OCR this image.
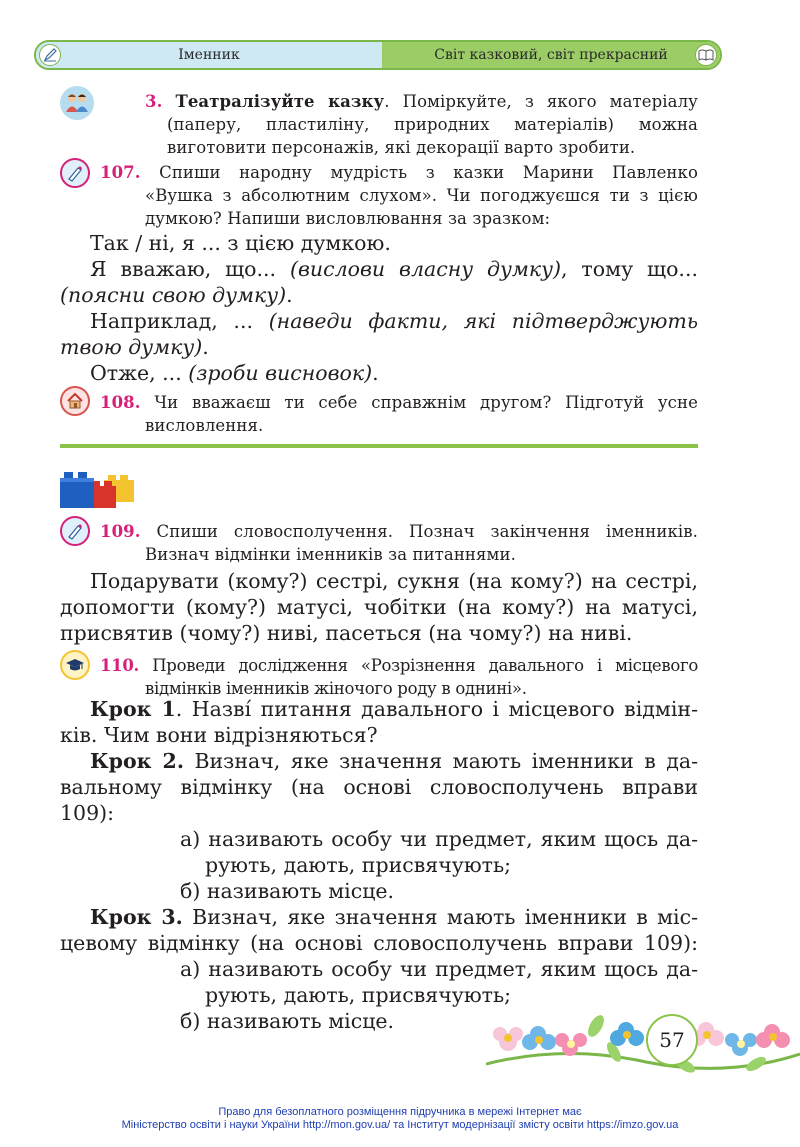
Іменник	Світ казковий, світ прекрасний
3. Театралізуйте казку. Поміркуйте, з якого матеріалу
(паперу, пластиліну, природних матеріалів) можна
виготовити персонажів, які декорації варто зробити.
107. Спиши народну мудрість з казки Марини Павленко
«Вушка з абсолютним слухом». Чи погоджуєшся ти з цією
думкою? Напиши висловлювання за зразком:
Так / ні, я ... з цією думкою.
Я вважаю, що... (вислови власну думку), тому що...
(поясни свою думку).
Наприклад, ... (наведи факти, які підтверджують
твою думку).
Отже, ... (зроби висновок).
108. Чи вважаєш ти себе справжнім другом? Підготуй усне
висловлення.
109. Спиши словосполучення. Познач закінчення іменників.
Визнач відмінки іменників за питаннями.
Подарувати (кому?) сестрі, сукня (на кому?) на сестрі,
допомогти (кому?) матусі, чобітки (на кому?) на матусі,
присвятив (чому?) ниві, пасеться (на чому?) на ниві.
110. Проведи дослідження «Розрізнення давального і місцевого
відмінків іменників жіночого роду в однині».
Крок 1. Назві́ питання давального і місцевого відмін-
ків. Чим вони відрізняються?
Крок 2. Визнач, яке значення мають іменники в да-
вальному відмінку (на основі словосполучень вправи 109):
а) називають особу чи предмет, яким щось да-
рують, дають, присвячують;
б) називають місце.
Крок 3. Визнач, яке значення мають іменники в міс-
цевому відмінку (на основі словосполучень вправи 109):
а) називають особу чи предмет, яким щось да-
рують, дають, присвячують;
б) називають місце.
57
Право для безоплатного розміщення підручника в мережі Інтернет має
Міністерство освіти і науки України http://mon.gov.ua/ та Інститут модернізації змісту освіти https://imzo.gov.ua
